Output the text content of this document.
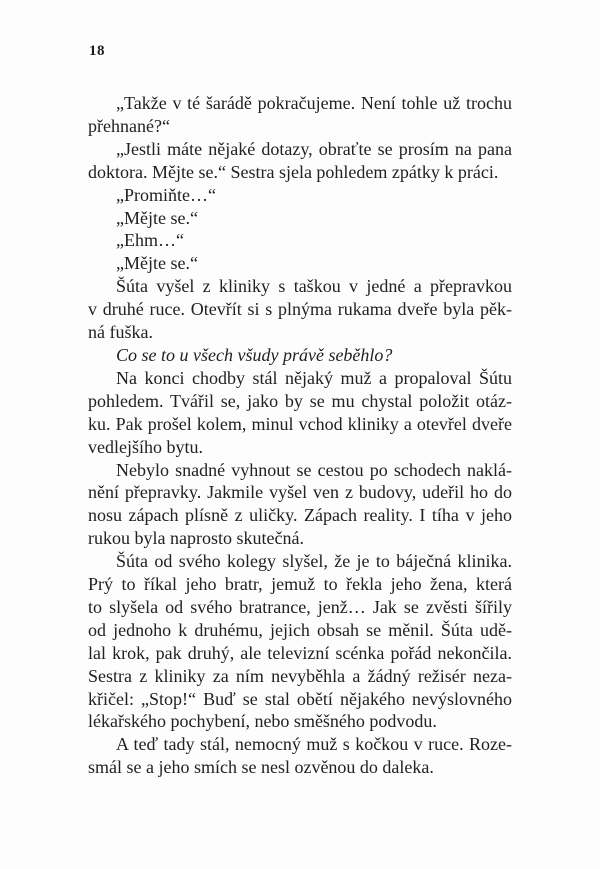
18
„Takže v té šarádě pokračujeme. Není tohle už trochu
přehnané?“
„Jestli máte nějaké dotazy, obraťte se prosím na pana
doktora. Mějte se.“ Sestra sjela pohledem zpátky k práci.
„Promiňte…“
„Mějte se.“
„Ehm…“
„Mějte se.“
Šúta vyšel z kliniky s taškou v jedné a přepravkou
v druhé ruce. Otevřít si s plnýma rukama dveře byla pěk-
ná fuška.
Co se to u všech všudy právě seběhlo?
Na konci chodby stál nějaký muž a propaloval Šútu
pohledem. Tvářil se, jako by se mu chystal položit otáz-
ku. Pak prošel kolem, minul vchod kliniky a otevřel dveře
vedlejšího bytu.
Nebylo snadné vyhnout se cestou po schodech naklá-
nění přepravky. Jakmile vyšel ven z budovy, udeřil ho do
nosu zápach plísně z uličky. Zápach reality. I tíha v jeho
rukou byla naprosto skutečná.
Šúta od svého kolegy slyšel, že je to báječná klinika.
Prý to říkal jeho bratr, jemuž to řekla jeho žena, která
to slyšela od svého bratrance, jenž… Jak se zvěsti šířily
od jednoho k druhému, jejich obsah se měnil. Šúta udě-
lal krok, pak druhý, ale televizní scénka pořád nekončila.
Sestra z kliniky za ním nevyběhla a žádný režisér neza-
křičel: „Stop!“ Buď se stal obětí nějakého nevýslovného
lékařského pochybení, nebo směšného podvodu.
A teď tady stál, nemocný muž s kočkou v ruce. Roze-
smál se a jeho smích se nesl ozvěnou do daleka.
